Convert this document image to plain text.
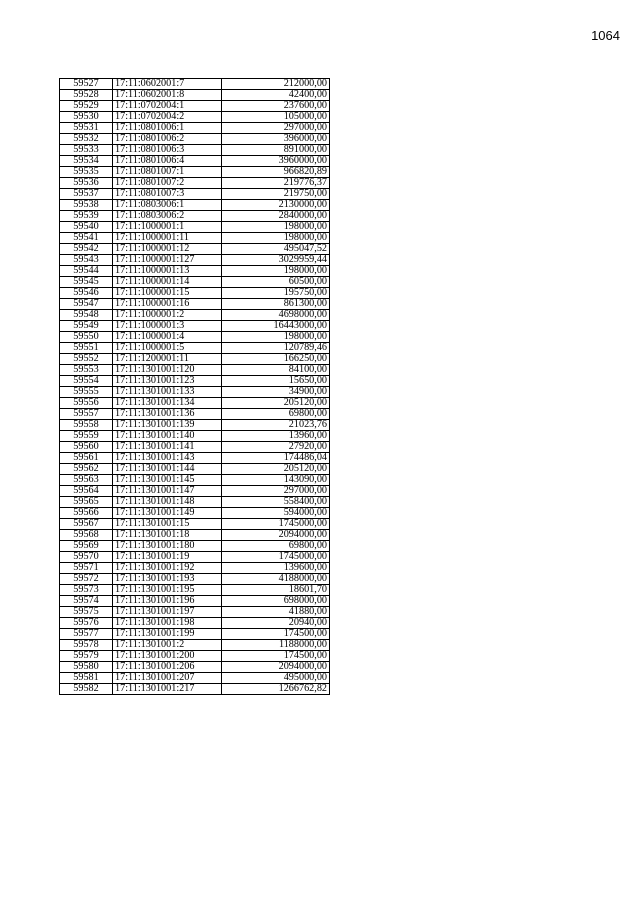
1064
59527	17:11:0602001:7	212000,00
59528	17:11:0602001:8	42400,00
59529	17:11:0702004:1	237600,00
59530	17:11:0702004:2	105000,00
59531	17:11:0801006:1	297000,00
59532	17:11:0801006:2	396000,00
59533	17:11:0801006:3	891000,00
59534	17:11:0801006:4	3960000,00
59535	17:11:0801007:1	966820,89
59536	17:11:0801007:2	219776,37
59537	17:11:0801007:3	219750,00
59538	17:11:0803006:1	2130000,00
59539	17:11:0803006:2	2840000,00
59540	17:11:1000001:1	198000,00
59541	17:11:1000001:11	198000,00
59542	17:11:1000001:12	495047,52
59543	17:11:1000001:127	3029959,44
59544	17:11:1000001:13	198000,00
59545	17:11:1000001:14	60500,00
59546	17:11:1000001:15	195750,00
59547	17:11:1000001:16	861300,00
59548	17:11:1000001:2	4698000,00
59549	17:11:1000001:3	16443000,00
59550	17:11:1000001:4	198000,00
59551	17:11:1000001:5	120789,46
59552	17:11:1200001:11	166250,00
59553	17:11:1301001:120	84100,00
59554	17:11:1301001:123	15650,00
59555	17:11:1301001:133	34900,00
59556	17:11:1301001:134	205120,00
59557	17:11:1301001:136	69800,00
59558	17:11:1301001:139	21023,76
59559	17:11:1301001:140	13960,00
59560	17:11:1301001:141	27920,00
59561	17:11:1301001:143	174486,04
59562	17:11:1301001:144	205120,00
59563	17:11:1301001:145	143090,00
59564	17:11:1301001:147	297000,00
59565	17:11:1301001:148	558400,00
59566	17:11:1301001:149	594000,00
59567	17:11:1301001:15	1745000,00
59568	17:11:1301001:18	2094000,00
59569	17:11:1301001:180	69800,00
59570	17:11:1301001:19	1745000,00
59571	17:11:1301001:192	139600,00
59572	17:11:1301001:193	4188000,00
59573	17:11:1301001:195	18601,70
59574	17:11:1301001:196	698000,00
59575	17:11:1301001:197	41880,00
59576	17:11:1301001:198	20940,00
59577	17:11:1301001:199	174500,00
59578	17:11:1301001:2	1188000,00
59579	17:11:1301001:200	174500,00
59580	17:11:1301001:206	2094000,00
59581	17:11:1301001:207	495000,00
59582	17:11:1301001:217	1266762,82
